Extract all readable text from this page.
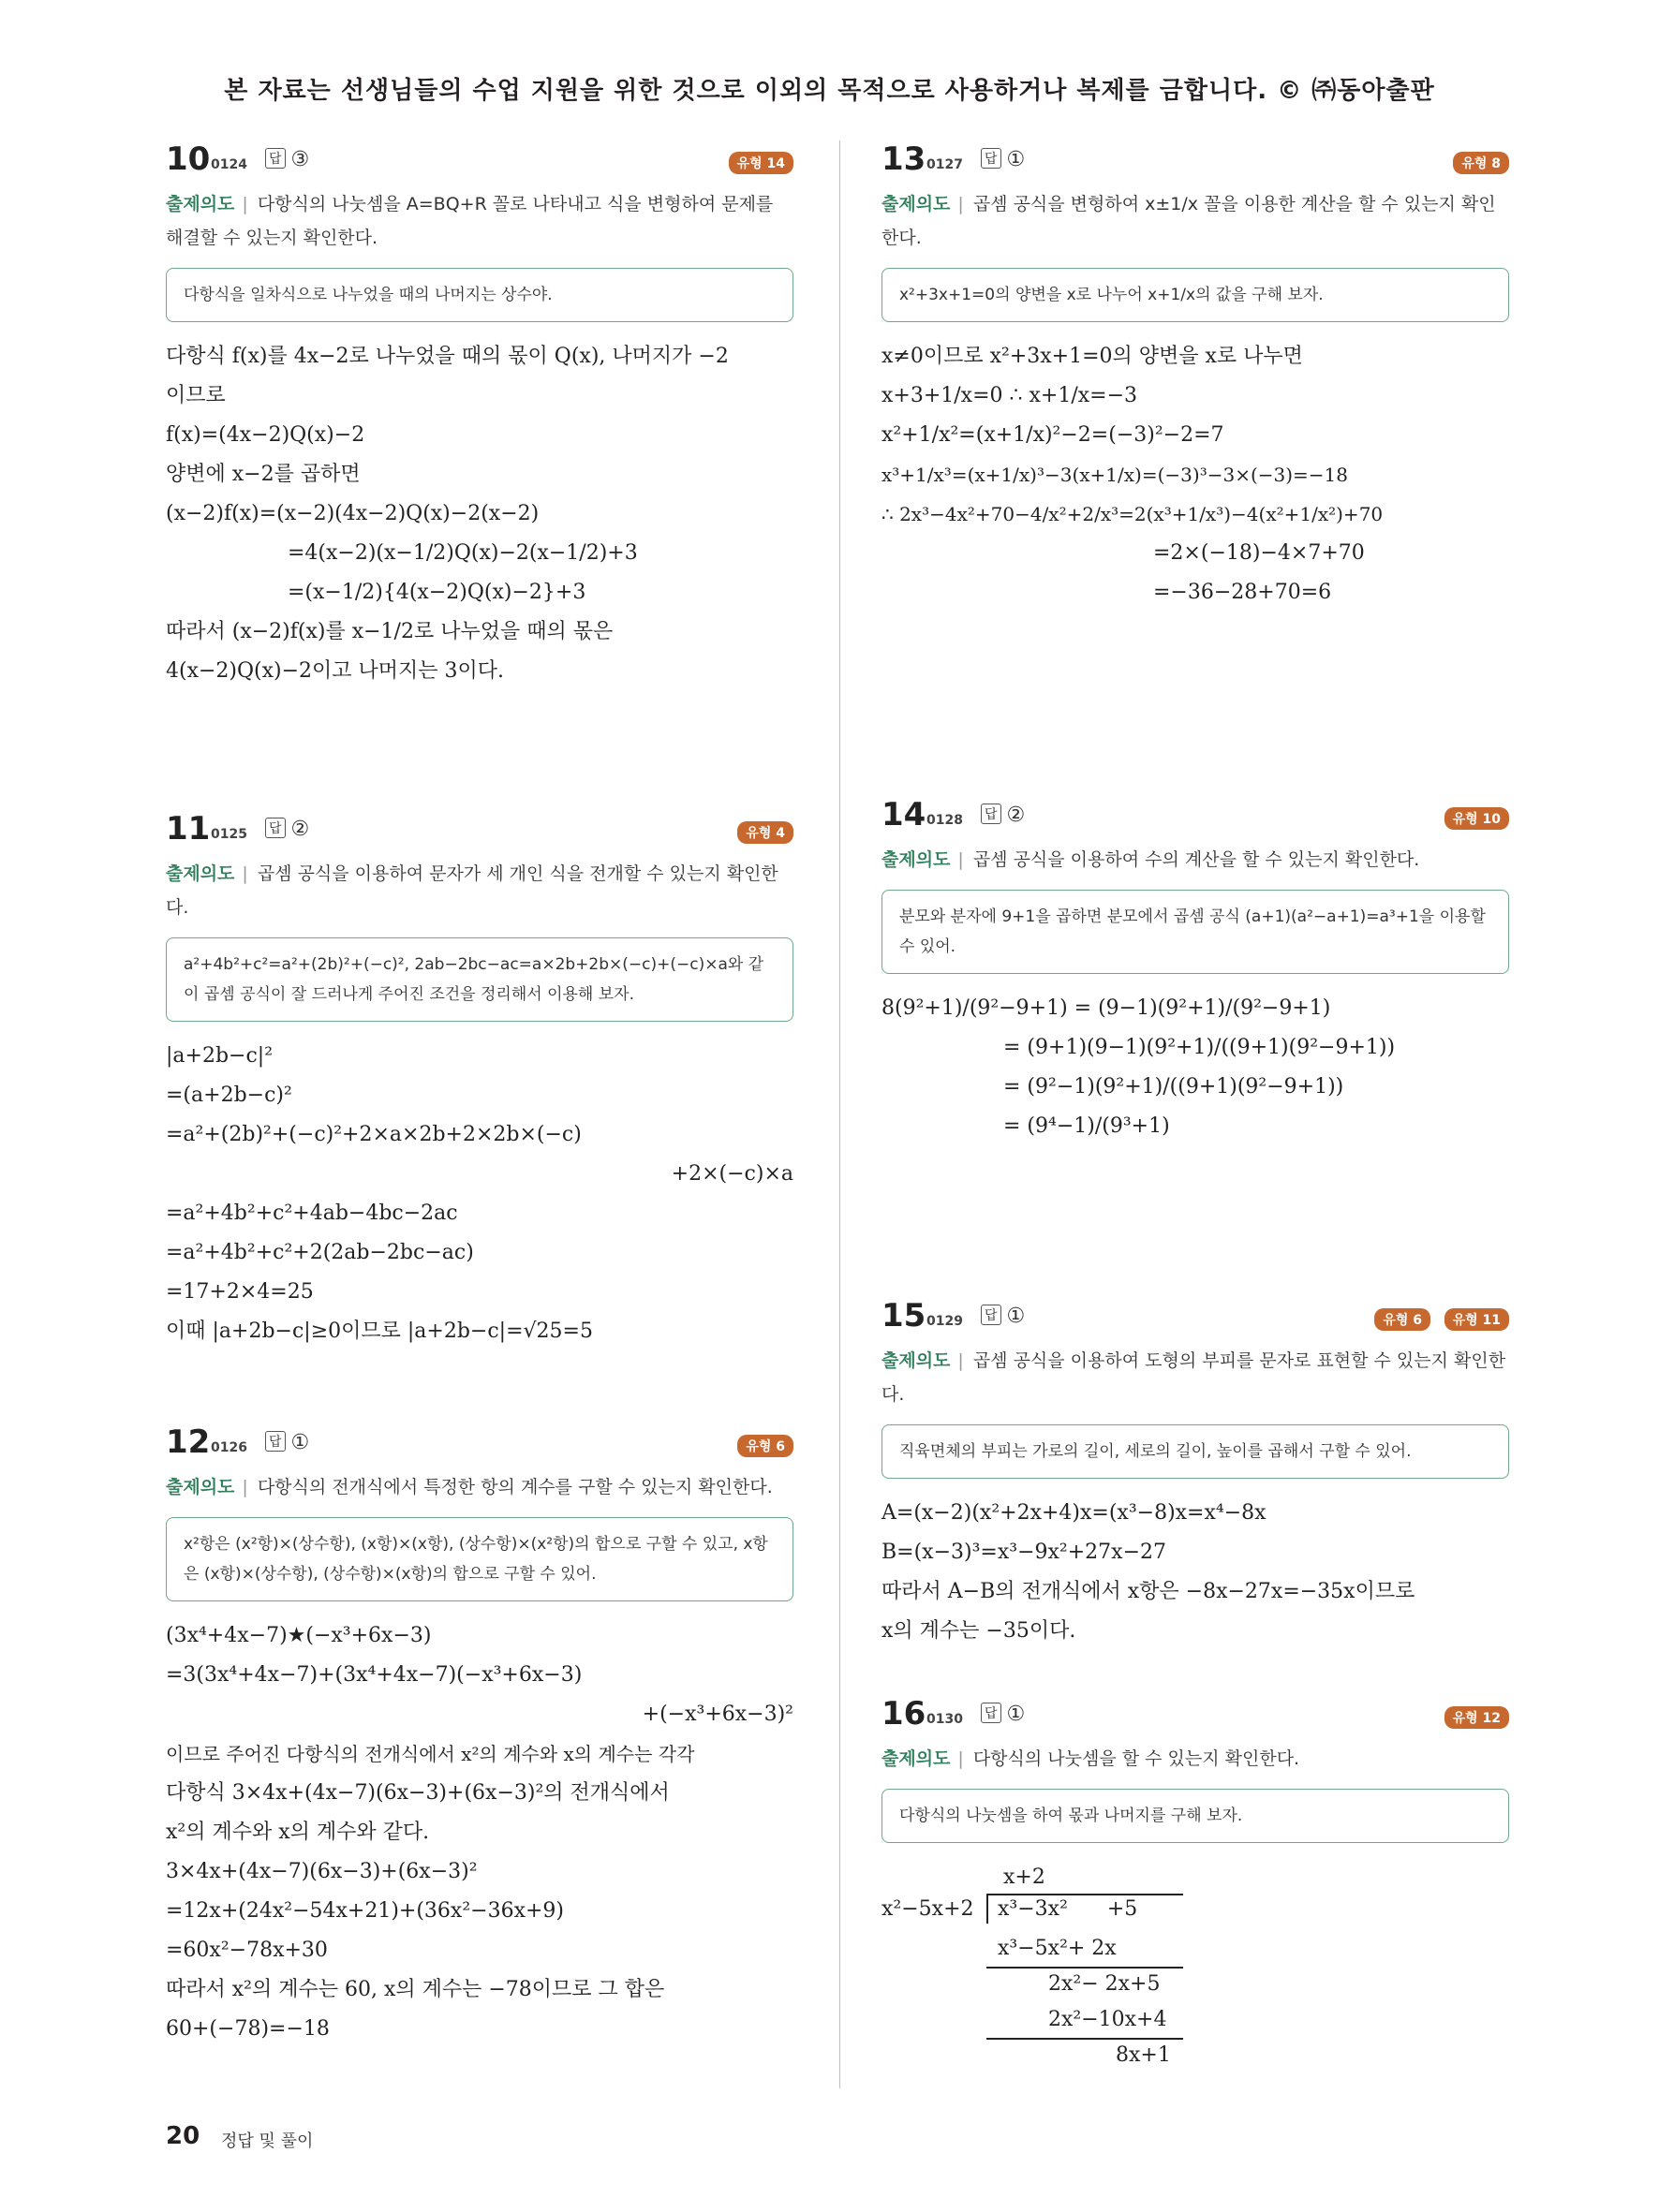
본 자료는 선생님들의 수업 지원을 위한 것으로 이외의 목적으로 사용하거나 복제를 금합니다. © ㈜동아출판
10 0124 답 ③	유형 14
출제의도 | 다항식의 나눗셈을 A=BQ+R 꼴로 나타내고 식을 변형하여 문제를 해결할 수 있는지 확인한다.
다항식을 일차식으로 나누었을 때의 나머지는 상수야.
다항식 f(x)를 4x−2로 나누었을 때의 몫이 Q(x), 나머지가 −2
이므로
f(x)=(4x−2)Q(x)−2
양변에 x−2를 곱하면
(x−2)f(x)=(x−2)(4x−2)Q(x)−2(x−2)
=4(x−2)(x−1/2)Q(x)−2(x−1/2)+3
=(x−1/2){4(x−2)Q(x)−2}+3
따라서 (x−2)f(x)를 x−1/2로 나누었을 때의 몫은
4(x−2)Q(x)−2이고 나머지는 3이다.
11 0125 답 ②	유형 4
출제의도 | 곱셈 공식을 이용하여 문자가 세 개인 식을 전개할 수 있는지 확인한다.
a²+4b²+c²=a²+(2b)²+(−c)², 2ab−2bc−ac=a×2b+2b×(−c)+(−c)×a와 같이 곱셈 공식이 잘 드러나게 주어진 조건을 정리해서 이용해 보자.
|a+2b−c|²
=(a+2b−c)²
=a²+(2b)²+(−c)²+2×a×2b+2×2b×(−c)
+2×(−c)×a
=a²+4b²+c²+4ab−4bc−2ac
=a²+4b²+c²+2(2ab−2bc−ac)
=17+2×4=25
이때 |a+2b−c|≥0이므로 |a+2b−c|=√25=5
12 0126 답 ①	유형 6
출제의도 | 다항식의 전개식에서 특정한 항의 계수를 구할 수 있는지 확인한다.
x²항은 (x²항)×(상수항), (x항)×(x항), (상수항)×(x²항)의 합으로 구할 수 있고, x항은 (x항)×(상수항), (상수항)×(x항)의 합으로 구할 수 있어.
(3x⁴+4x−7)★(−x³+6x−3)
=3(3x⁴+4x−7)+(3x⁴+4x−7)(−x³+6x−3)
+(−x³+6x−3)²
이므로 주어진 다항식의 전개식에서 x²의 계수와 x의 계수는 각각
다항식 3×4x+(4x−7)(6x−3)+(6x−3)²의 전개식에서
x²의 계수와 x의 계수와 같다.
3×4x+(4x−7)(6x−3)+(6x−3)²
=12x+(24x²−54x+21)+(36x²−36x+9)
=60x²−78x+30
따라서 x²의 계수는 60, x의 계수는 −78이므로 그 합은
60+(−78)=−18
13 0127 답 ①	유형 8
출제의도 | 곱셈 공식을 변형하여 x±1/x 꼴을 이용한 계산을 할 수 있는지 확인한다.
x²+3x+1=0의 양변을 x로 나누어 x+1/x의 값을 구해 보자.
x≠0이므로 x²+3x+1=0의 양변을 x로 나누면
x+3+1/x=0 ∴ x+1/x=−3
x²+1/x²=(x+1/x)²−2=(−3)²−2=7
x³+1/x³=(x+1/x)³−3(x+1/x)=(−3)³−3×(−3)=−18
∴ 2x³−4x²+70−4/x²+2/x³=2(x³+1/x³)−4(x²+1/x²)+70
=2×(−18)−4×7+70
=−36−28+70=6
14 0128 답 ②	유형 10
출제의도 | 곱셈 공식을 이용하여 수의 계산을 할 수 있는지 확인한다.
분모와 분자에 9+1을 곱하면 분모에서 곱셈 공식 (a+1)(a²−a+1)=a³+1을 이용할 수 있어.
8(9²+1)/(9²−9+1) = (9−1)(9²+1)/(9²−9+1)
= (9+1)(9−1)(9²+1)/((9+1)(9²−9+1))
= (9²−1)(9²+1)/((9+1)(9²−9+1))
= (9⁴−1)/(9³+1)
15 0129 답 ①	유형 6	유형 11
출제의도 | 곱셈 공식을 이용하여 도형의 부피를 문자로 표현할 수 있는지 확인한다.
직육면체의 부피는 가로의 길이, 세로의 길이, 높이를 곱해서 구할 수 있어.
A=(x−2)(x²+2x+4)x=(x³−8)x=x⁴−8x
B=(x−3)³=x³−9x²+27x−27
따라서 A−B의 전개식에서 x항은 −8x−27x=−35x이므로
x의 계수는 −35이다.
16 0130 답 ①	유형 12
출제의도 | 다항식의 나눗셈을 할 수 있는지 확인한다.
다항식의 나눗셈을 하여 몫과 나머지를 구해 보자.
x+2
x²−5x+2 x³−3x²      +5
x³−5x²+ 2x
2x²− 2x+5
2x²−10x+4
8x+1
20 정답 및 풀이
